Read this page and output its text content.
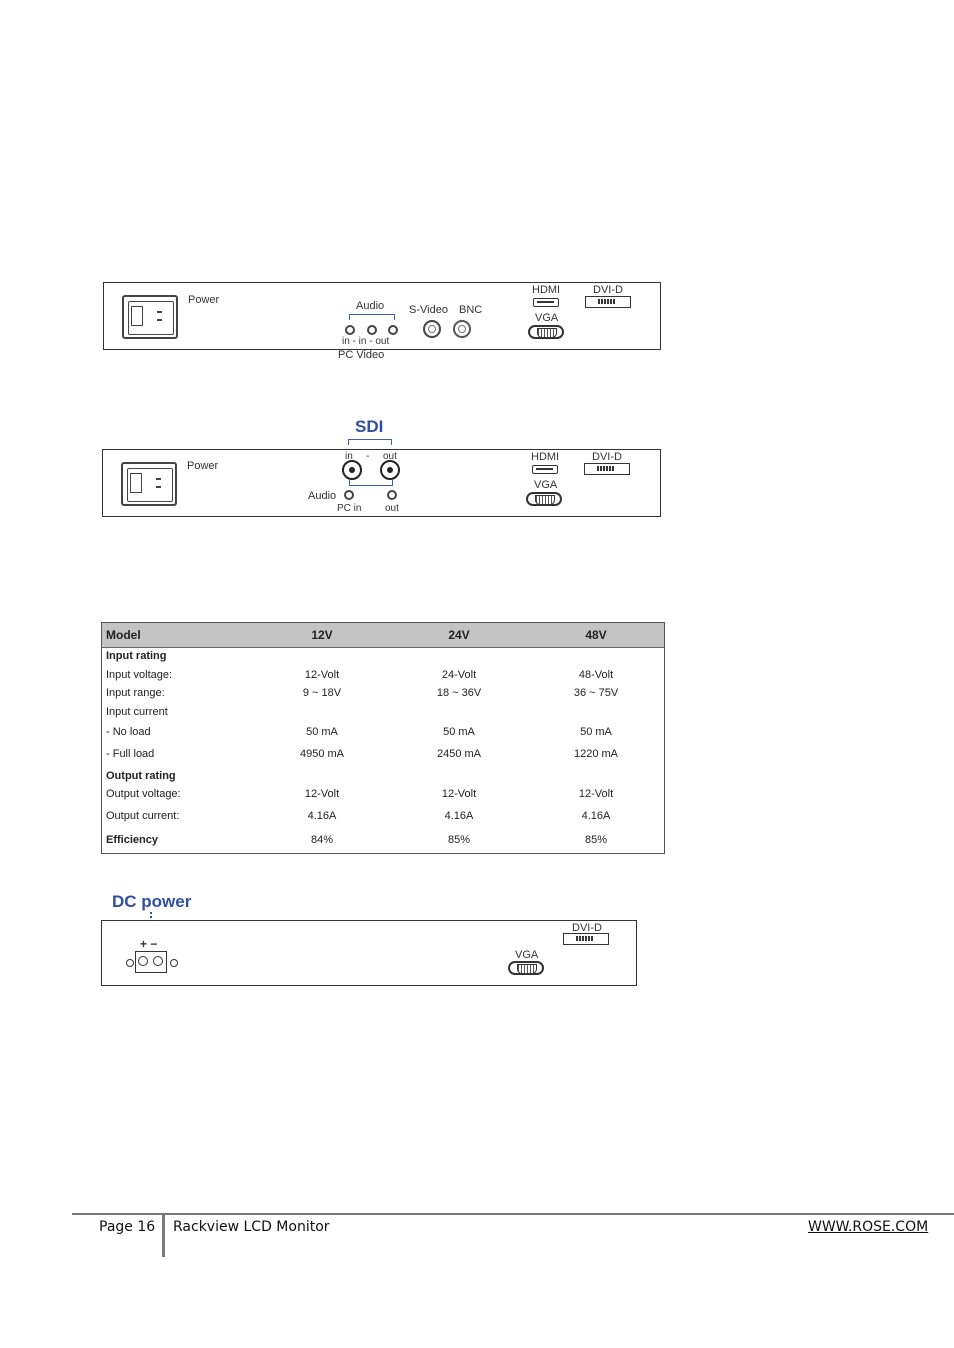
Power	Audio
in - in - out
S-Video BNC
HDMI	DVI-D
VGA
PC Video
SDI
Power
in - out
Audio
PC in out
HDMI	DVI-D
VGA
Model	12V	24V	48V
Input rating
Input voltage:	12-Volt	24-Volt	48-Volt
Input range:	9 ~ 18V	18 ~ 36V	36 ~ 75V
Input current
- No load	50 mA	50 mA	50 mA
- Full load	4950 mA	2450 mA	1220 mA
Output rating
Output voltage:	12-Volt	12-Volt	12-Volt
Output current:	4.16A	4.16A	4.16A
Efficiency	84%	85%	85%
DC power
+ −
DVI-D
VGA
Page 16 Rackview LCD Monitor	WWW.ROSE.COM
